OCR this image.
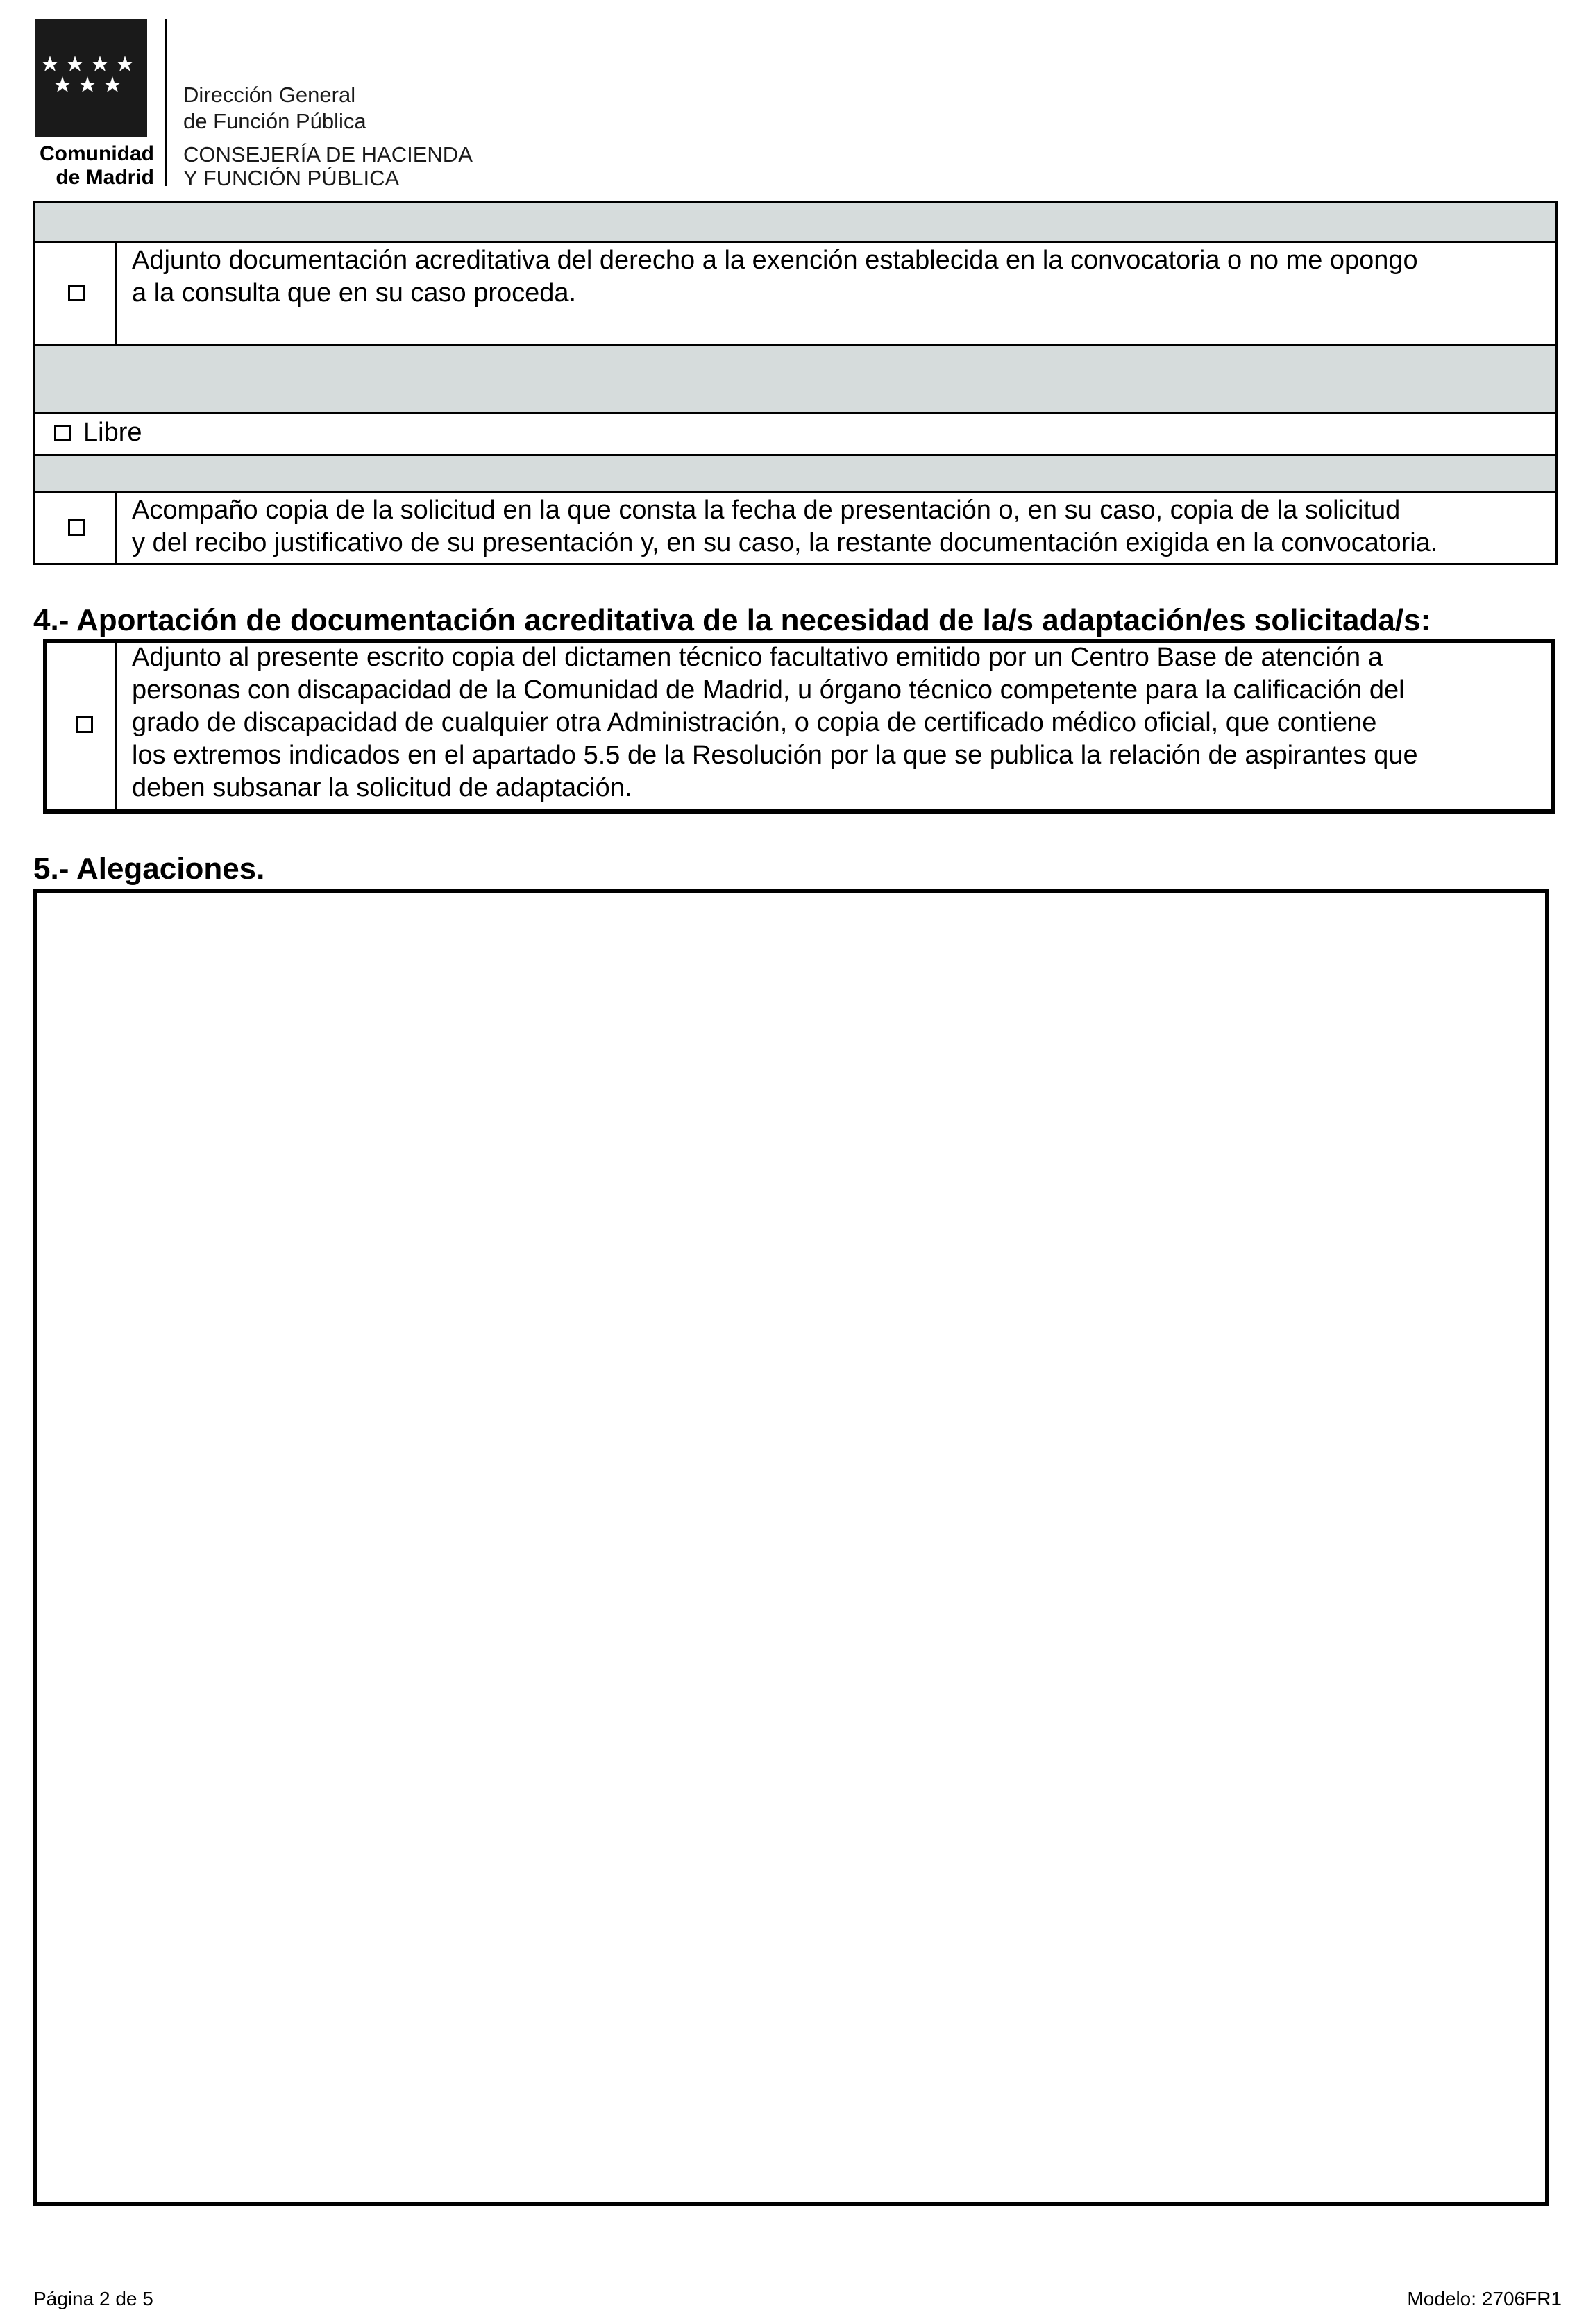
Comunidad
de Madrid
Dirección General
de Función Pública
CONSEJERÍA DE HACIENDA
Y FUNCIÓN PÚBLICA
Adjunto documentación acreditativa del derecho a la exención establecida en la convocatoria o no me opongo
a la consulta que en su caso proceda.
Libre
Acompaño copia de la solicitud en la que consta la fecha de presentación o, en su caso, copia de la solicitud
y del recibo justificativo de su presentación y, en su caso, la restante documentación exigida en la convocatoria.
4.- Aportación de documentación acreditativa de la necesidad de la/s adaptación/es solicitada/s:
Adjunto al presente escrito copia del dictamen técnico facultativo emitido por un Centro Base de atención a
personas con discapacidad de la Comunidad de Madrid, u órgano técnico competente para la calificación del
grado de discapacidad de cualquier otra Administración, o copia de certificado médico oficial, que contiene
los extremos indicados en el apartado 5.5 de la Resolución por la que se publica la relación de aspirantes que
deben subsanar la solicitud de adaptación.
5.- Alegaciones.
Página 2 de 5	Modelo: 2706FR1
